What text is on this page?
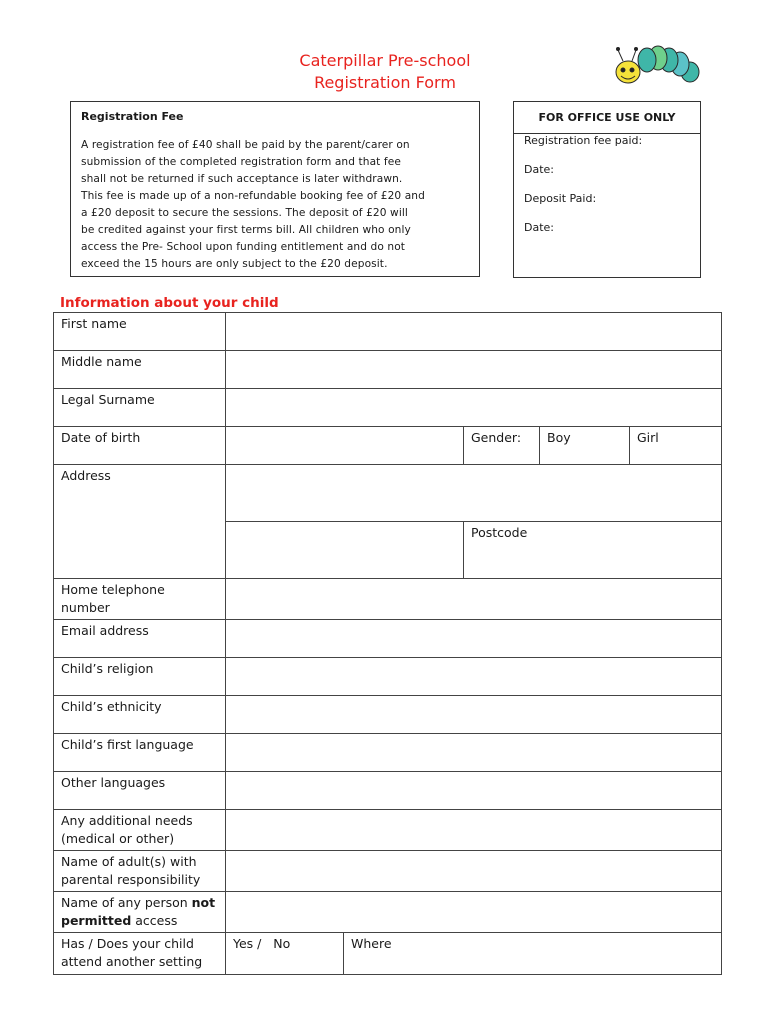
Caterpillar Pre-school
Registration Form
Registration Fee
A registration fee of £40 shall be paid by the parent/carer on
submission of the completed registration form and that fee
shall not be returned if such acceptance is later withdrawn.
This fee is made up of a non-refundable booking fee of £20 and
a £20 deposit to secure the sessions. The deposit of £20 will
be credited against your first terms bill. All children who only
access the Pre- School upon funding entitlement and do not
exceed the 15 hours are only subject to the £20 deposit.
FOR OFFICE USE ONLY
Registration fee paid:
Date:
Deposit Paid:
Date:
Information about your child
First name					
Middle name					
Legal Surname					
Date of birth			Gender:	Boy	Girl
Address					
			Postcode		

Home telephone
number					

Email address					
Child’s religion					
Child’s ethnicity					
Child’s first language					
Other languages					

Any additional needs
(medical or other)					

Name of adult(s) with
parental responsibility					

Name of any person not
permitted access					

Has / Does your child
attend another setting	Yes /   No	Where			
